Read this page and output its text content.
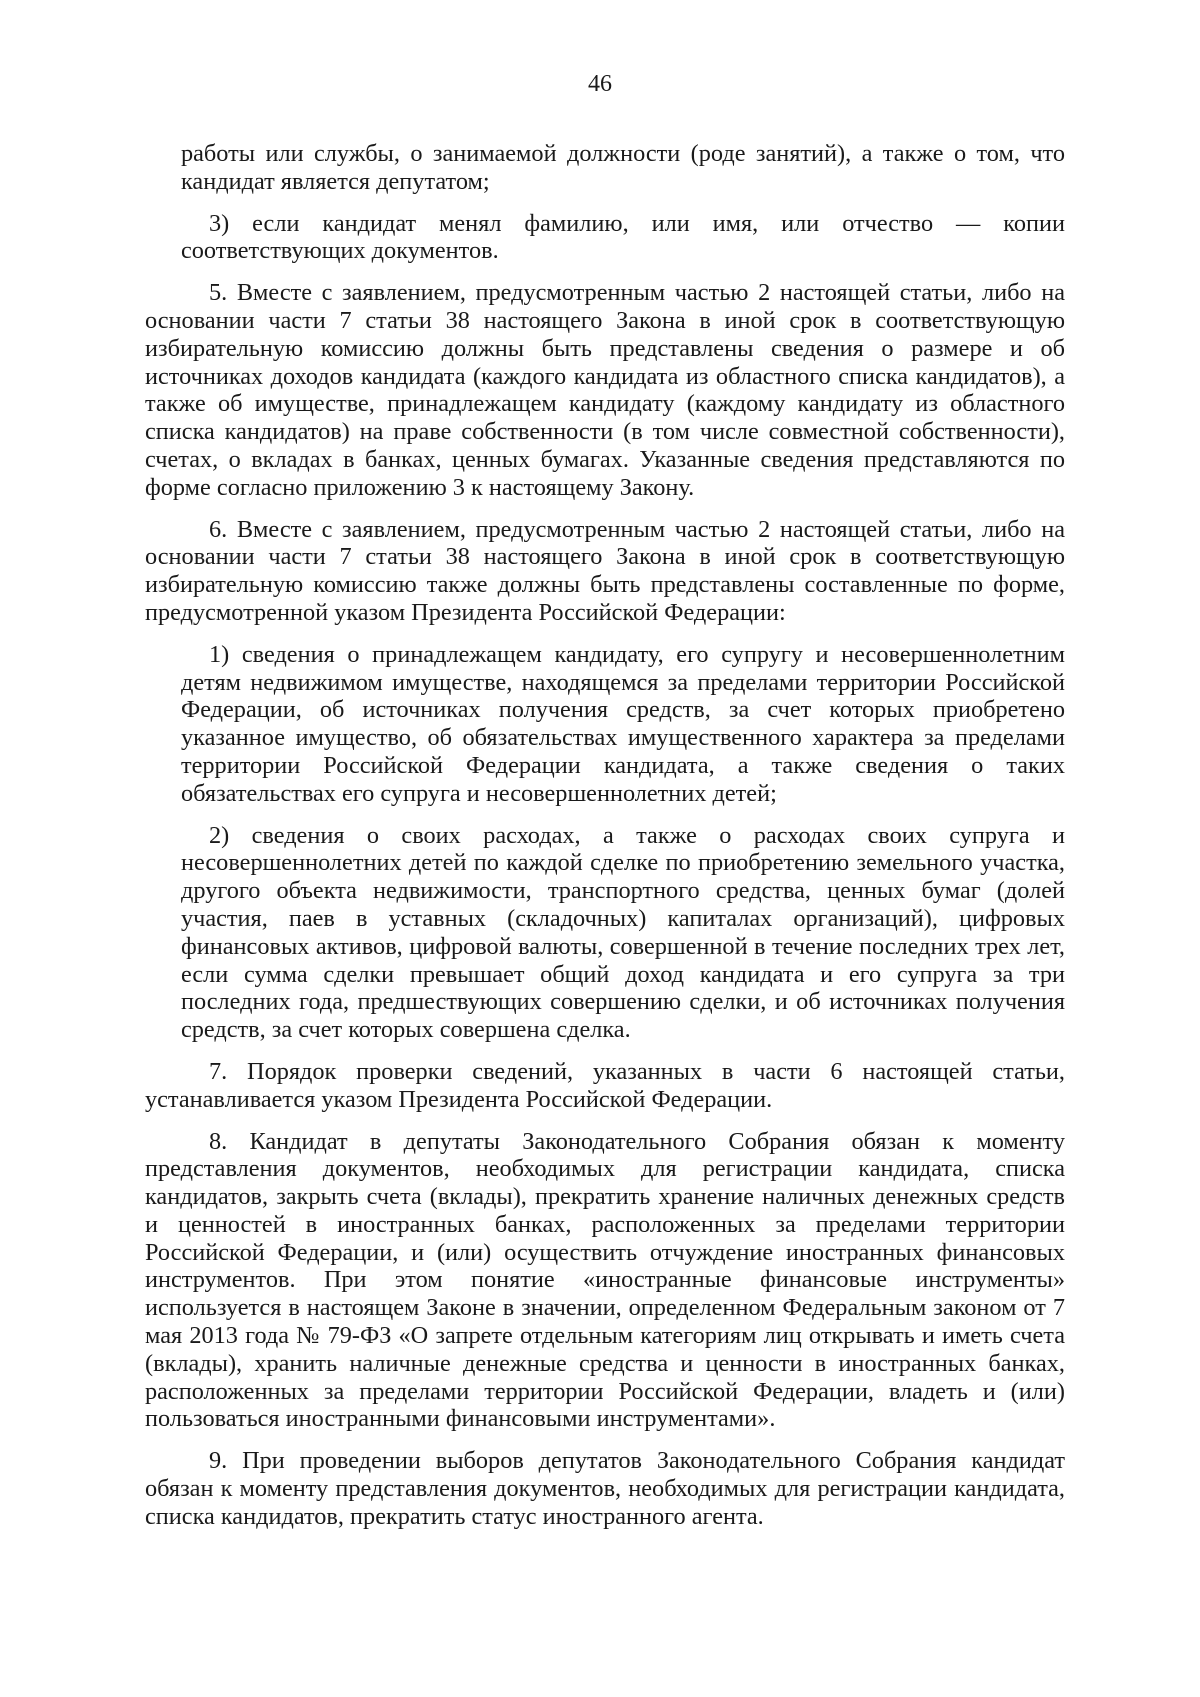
46

работы или службы, о занимаемой должности (роде занятий), а также о том, что кандидат является депутатом;

3) если кандидат менял фамилию, или имя, или отчество — копии соответствующих документов.

5. Вместе с заявлением, предусмотренным частью 2 настоящей статьи, либо на основании части 7 статьи 38 настоящего Закона в иной срок в соответствующую избирательную комиссию должны быть представлены сведения о размере и об источниках доходов кандидата (каждого кандидата из областного списка кандидатов), а также об имуществе, принадлежащем кандидату (каждому кандидату из областного списка кандидатов) на праве собственности (в том числе совместной собственности), счетах, о вкладах в банках, ценных бумагах. Указанные сведения представляются по форме согласно приложению 3 к настоящему Закону.

6. Вместе с заявлением, предусмотренным частью 2 настоящей статьи, либо на основании части 7 статьи 38 настоящего Закона в иной срок в соответствующую избирательную комиссию также должны быть представлены составленные по форме, предусмотренной указом Президента Российской Федерации:

1) сведения о принадлежащем кандидату, его супругу и несовершеннолетним детям недвижимом имуществе, находящемся за пределами территории Российской Федерации, об источниках получения средств, за счет которых приобретено указанное имущество, об обязательствах имущественного характера за пределами территории Российской Федерации кандидата, а также сведения о таких обязательствах его супруга и несовершеннолетних детей;

2) сведения о своих расходах, а также о расходах своих супруга и несовершеннолетних детей по каждой сделке по приобретению земельного участка, другого объекта недвижимости, транспортного средства, ценных бумаг (долей участия, паев в уставных (складочных) капиталах организаций), цифровых финансовых активов, цифровой валюты, совершенной в течение последних трех лет, если сумма сделки превышает общий доход кандидата и его супруга за три последних года, предшествующих совершению сделки, и об источниках получения средств, за счет которых совершена сделка.

7. Порядок проверки сведений, указанных в части 6 настоящей статьи, устанавливается указом Президента Российской Федерации.

8. Кандидат в депутаты Законодательного Собрания обязан к моменту представления документов, необходимых для регистрации кандидата, списка кандидатов, закрыть счета (вклады), прекратить хранение наличных денежных средств и ценностей в иностранных банках, расположенных за пределами территории Российской Федерации, и (или) осуществить отчуждение иностранных финансовых инструментов. При этом понятие «иностранные финансовые инструменты» используется в настоящем Законе в значении, определенном Федеральным законом от 7 мая 2013 года № 79-ФЗ «О запрете отдельным категориям лиц открывать и иметь счета (вклады), хранить наличные денежные средства и ценности в иностранных банках, расположенных за пределами территории Российской Федерации, владеть и (или) пользоваться иностранными финансовыми инструментами».

9. При проведении выборов депутатов Законодательного Собрания кандидат обязан к моменту представления документов, необходимых для регистрации кандидата, списка кандидатов, прекратить статус иностранного агента.
